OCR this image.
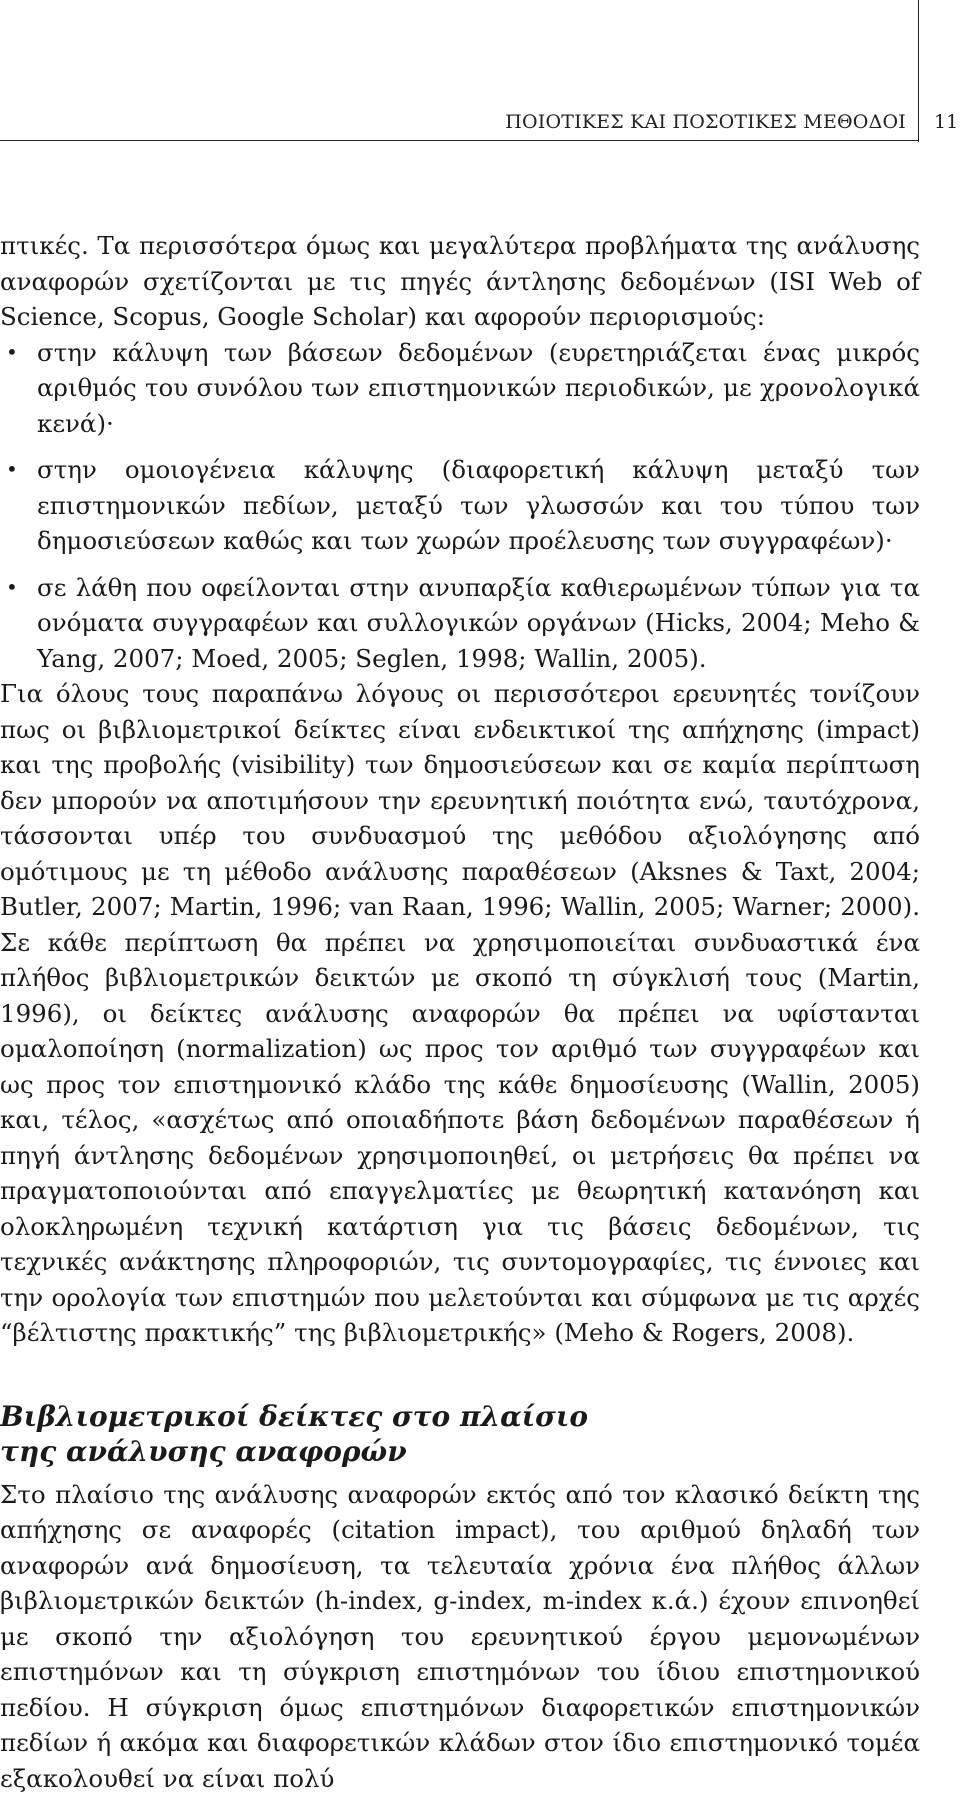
ΠΟΙΟΤΙΚΕΣ ΚΑΙ ΠΟΣΟΤΙΚΕΣ ΜΕΘΟΔΟΙ 11

πτικές. Τα περισσότερα όμως και μεγαλύτερα προβλήματα της ανάλυσης αναφορών σχετίζονται με τις πηγές άντλησης δεδομένων (ISI Web of Science, Scopus, Google Scholar) και αφορούν περιορισμούς:

• στην κάλυψη των βάσεων δεδομένων (ευρετηριάζεται ένας μικρός αριθμός του συνόλου των επιστημονικών περιοδικών, με χρονολογικά κενά)·
• στην ομοιογένεια κάλυψης (διαφορετική κάλυψη μεταξύ των επιστημονικών πεδίων, μεταξύ των γλωσσών και του τύπου των δημοσιεύσεων καθώς και των χωρών προέλευσης των συγγραφέων)·
• σε λάθη που οφείλονται στην ανυπαρξία καθιερωμένων τύπων για τα ονόματα συγγραφέων και συλλογικών οργάνων (Hicks, 2004; Meho & Yang, 2007; Moed, 2005; Seglen, 1998; Wallin, 2005).

Για όλους τους παραπάνω λόγους οι περισσότεροι ερευνητές τονίζουν πως οι βιβλιομετρικοί δείκτες είναι ενδεικτικοί της απήχησης (impact) και της προβολής (visibility) των δημοσιεύσεων και σε καμία περίπτωση δεν μπορούν να αποτιμήσουν την ερευνητική ποιότητα ενώ, ταυτόχρονα, τάσσονται υπέρ του συνδυασμού της μεθόδου αξιολόγησης από ομότιμους με τη μέθοδο ανάλυσης παραθέσεων (Aksnes & Taxt, 2004; Butler, 2007; Martin, 1996; van Raan, 1996; Wallin, 2005; Warner; 2000). Σε κάθε περίπτωση θα πρέπει να χρησιμοποιείται συνδυαστικά ένα πλήθος βιβλιομετρικών δεικτών με σκοπό τη σύγκλισή τους (Martin, 1996), οι δείκτες ανάλυσης αναφορών θα πρέπει να υφίστανται ομαλοποίηση (normalization) ως προς τον αριθμό των συγγραφέων και ως προς τον επιστημονικό κλάδο της κάθε δημοσίευσης (Wallin, 2005) και, τέλος, «ασχέτως από οποιαδήποτε βάση δεδομένων παραθέσεων ή πηγή άντλησης δεδομένων χρησιμοποιηθεί, οι μετρήσεις θα πρέπει να πραγματοποιούνται από επαγγελματίες με θεωρητική κατανόηση και ολοκληρωμένη τεχνική κατάρτιση για τις βάσεις δεδομένων, τις τεχνικές ανάκτησης πληροφοριών, τις συντομογραφίες, τις έννοιες και την ορολογία των επιστημών που μελετούνται και σύμφωνα με τις αρχές “βέλτιστης πρακτικής” της βιβλιομετρικής» (Meho & Rogers, 2008).

Βιβλιομετρικοί δείκτες στο πλαίσιο
της ανάλυσης αναφορών

Στο πλαίσιο της ανάλυσης αναφορών εκτός από τον κλασικό δείκτη της απήχησης σε αναφορές (citation impact), του αριθμού δηλαδή των αναφορών ανά δημοσίευση, τα τελευταία χρόνια ένα πλήθος άλλων βιβλιομετρικών δεικτών (h-index, g-index, m-index κ.ά.) έχουν επινοηθεί με σκοπό την αξιολόγηση του ερευνητικού έργου μεμονωμένων επιστημόνων και τη σύγκριση επιστημόνων του ίδιου επιστημονικού πεδίου. Η σύγκριση όμως επιστημόνων διαφορετικών επιστημονικών πεδίων ή ακόμα και διαφορετικών κλάδων στον ίδιο επιστημονικό τομέα εξακολουθεί να είναι πολύ
